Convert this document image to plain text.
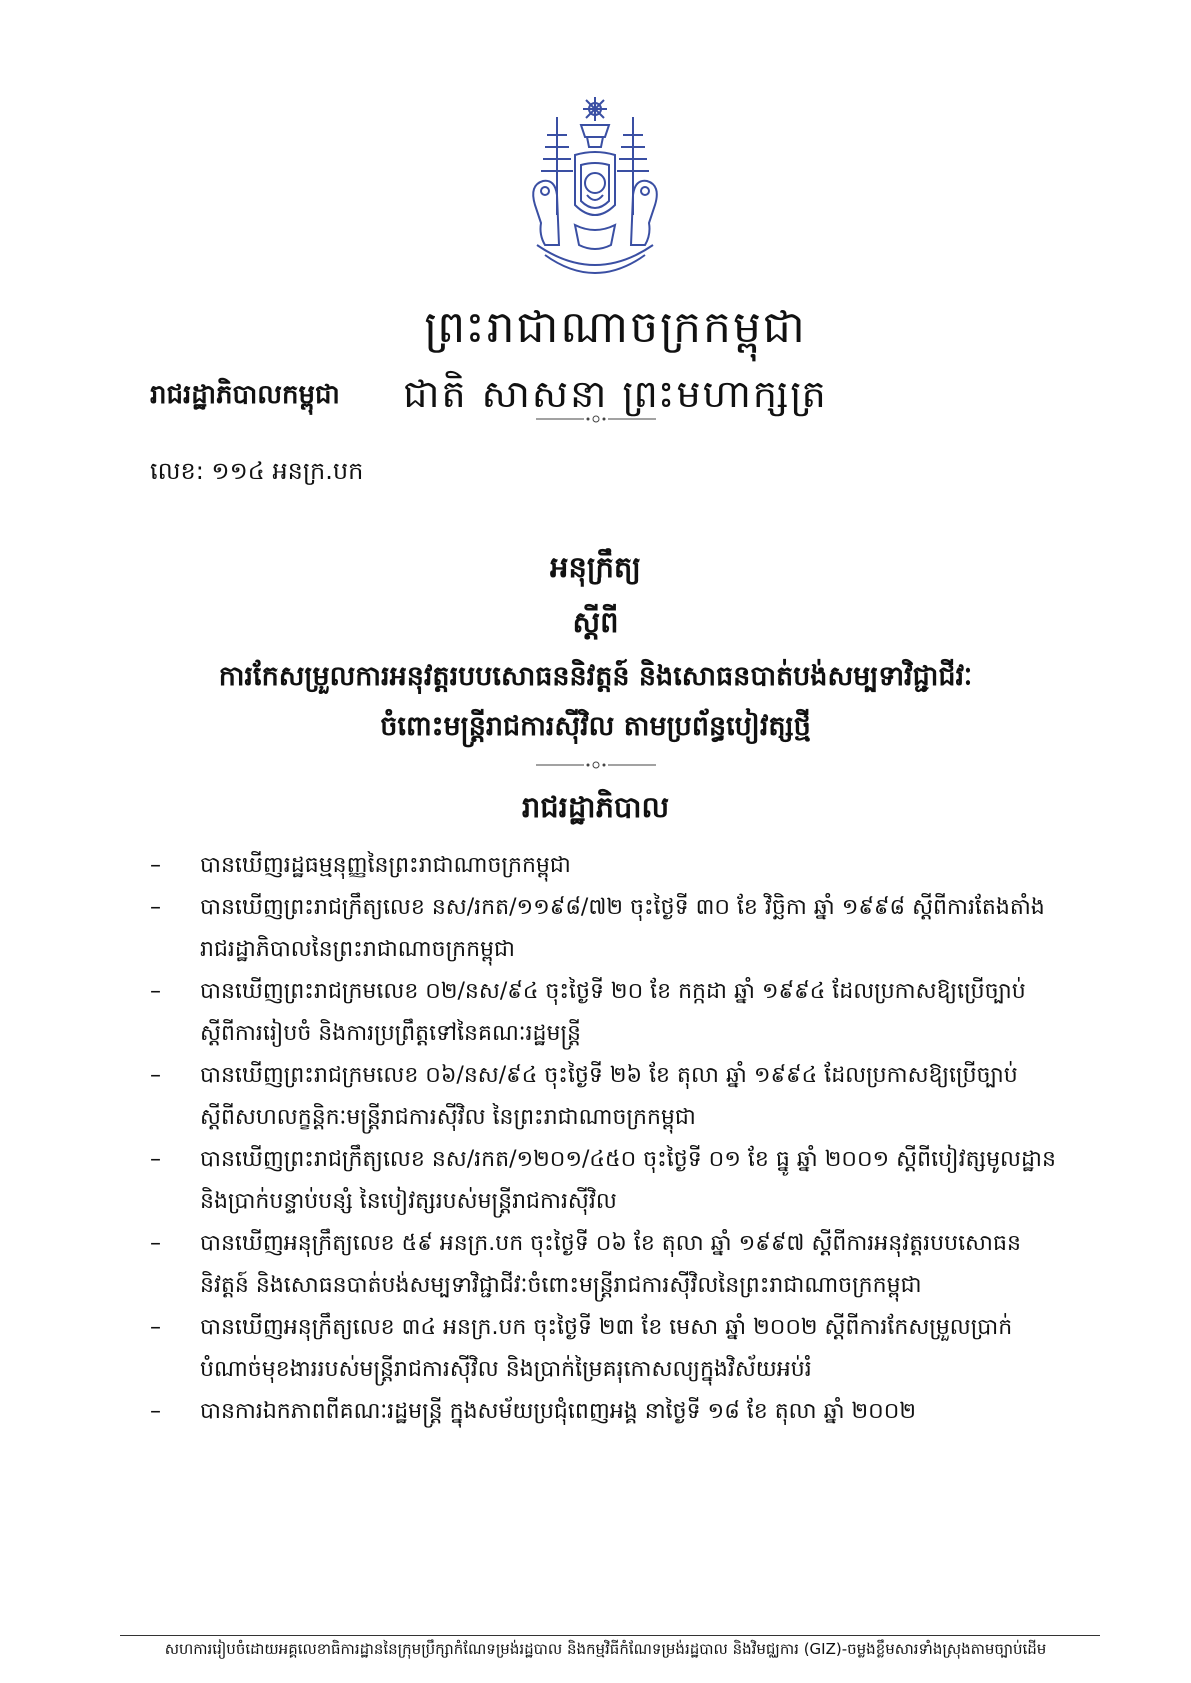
ព្រះរាជាណាចក្រកម្ពុជា
រាជរដ្ឋាភិបាលកម្ពុជា	ជាតិ សាសនា ព្រះមហាក្សត្រ
លេខ: ១១៤ អនក្រ.បក
អនុក្រឹត្យ
ស្តីពី
ការកែសម្រួលការអនុវត្តរបបសោធននិវត្តន៍ និងសោធនបាត់បង់សម្បទាវិជ្ជាជីវៈ
ចំពោះមន្ត្រីរាជការស៊ីវិល តាមប្រព័ន្ធបៀវត្សថ្មី
រាជរដ្ឋាភិបាល
–	បានឃើញរដ្ឋធម្មនុញ្ញនៃព្រះរាជាណាចក្រកម្ពុជា
–	បានឃើញព្រះរាជក្រឹត្យលេខ នស/រកត/១១៩៨/៧២ ចុះថ្ងៃទី ៣០ ខែ វិច្ឆិកា ឆ្នាំ ១៩៩៨ ស្តីពីការតែងតាំងរាជរដ្ឋាភិបាលនៃព្រះរាជាណាចក្រកម្ពុជា
–	បានឃើញព្រះរាជក្រមលេខ ០២/នស/៩៤ ចុះថ្ងៃទី ២០ ខែ កក្កដា ឆ្នាំ ១៩៩៤ ដែលប្រកាសឱ្យប្រើច្បាប់ស្តីពីការរៀបចំ និងការប្រព្រឹត្តទៅនៃគណៈរដ្ឋមន្ត្រី
–	បានឃើញព្រះរាជក្រមលេខ ០៦/នស/៩៤ ចុះថ្ងៃទី ២៦ ខែ តុលា ឆ្នាំ ១៩៩៤ ដែលប្រកាសឱ្យប្រើច្បាប់ស្តីពីសហលក្ខន្តិកៈមន្ត្រីរាជការស៊ីវិល នៃព្រះរាជាណាចក្រកម្ពុជា
–	បានឃើញព្រះរាជក្រឹត្យលេខ នស/រកត/១២០១/៤៥០ ចុះថ្ងៃទី ០១ ខែ ធ្នូ ឆ្នាំ ២០០១ ស្តីពីបៀវត្សមូលដ្ឋាន និងប្រាក់បន្ទាប់បន្សំ នៃបៀវត្សរបស់មន្ត្រីរាជការស៊ីវិល
–	បានឃើញអនុក្រឹត្យលេខ ៥៩ អនក្រ.បក ចុះថ្ងៃទី ០៦ ខែ តុលា ឆ្នាំ ១៩៩៧ ស្តីពីការអនុវត្តរបបសោធននិវត្តន៍ និងសោធនបាត់បង់សម្បទាវិជ្ជាជីវៈចំពោះមន្ត្រីរាជការស៊ីវិលនៃព្រះរាជាណាចក្រកម្ពុជា
–	បានឃើញអនុក្រឹត្យលេខ ៣៤ អនក្រ.បក ចុះថ្ងៃទី ២៣ ខែ មេសា ឆ្នាំ ២០០២ ស្តីពីការកែសម្រួលប្រាក់បំណាច់មុខងាររបស់មន្ត្រីរាជការស៊ីវិល និងប្រាក់ម្រៃគរុកោសល្យក្នុងវិស័យអប់រំ
–	បានការឯកភាពពីគណៈរដ្ឋមន្ត្រី ក្នុងសម័យប្រជុំពេញអង្គ នាថ្ងៃទី ១៨ ខែ តុលា ឆ្នាំ ២០០២
សហការរៀបចំដោយអគ្គលេខាធិការដ្ឋាននៃក្រុមប្រឹក្សាកំណែទម្រង់រដ្ឋបាល និងកម្មវិធីកំណែទម្រង់រដ្ឋបាល និងវិមជ្ឈការ (GIZ)-ចម្លងខ្លឹមសារទាំងស្រុងតាមច្បាប់ដើម
